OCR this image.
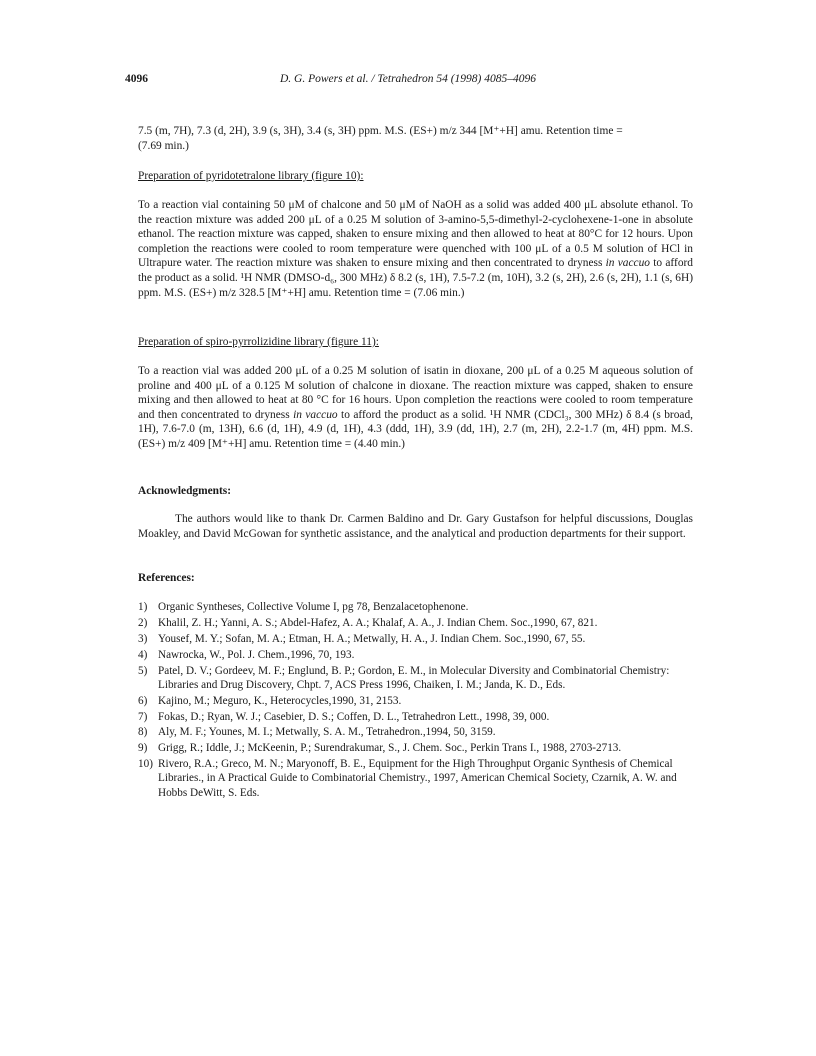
4096	D. G. Powers et al. / Tetrahedron 54 (1998) 4085–4096

7.5 (m, 7H), 7.3 (d, 2H), 3.9 (s, 3H), 3.4 (s, 3H) ppm. M.S. (ES+) m/z 344 [M⁺+H] amu. Retention time =

(7.69 min.)

Preparation of pyridotetralone library (figure 10):

To a reaction vial containing 50 μM of chalcone and 50 μM of NaOH as a solid was added 400 μL absolute ethanol. To the reaction mixture was added 200 μL of a 0.25 M solution of 3-amino-5,5-dimethyl-2-cyclohexene-1-one in absolute ethanol. The reaction mixture was capped, shaken to ensure mixing and then allowed to heat at 80°C for 12 hours. Upon completion the reactions were cooled to room temperature were quenched with 100 μL of a 0.5 M solution of HCl in Ultrapure water. The reaction mixture was shaken to ensure mixing and then concentrated to dryness in vaccuo to afford the product as a solid. ¹H NMR (DMSO-d₆, 300 MHz) δ 8.2 (s, 1H), 7.5-7.2 (m, 10H), 3.2 (s, 2H), 2.6 (s, 2H), 1.1 (s, 6H) ppm. M.S. (ES+) m/z 328.5 [M⁺+H] amu. Retention time = (7.06 min.)

Preparation of spiro-pyrrolizidine library (figure 11):

To a reaction vial was added 200 μL of a 0.25 M solution of isatin in dioxane, 200 μL of a 0.25 M aqueous solution of proline and 400 μL of a 0.125 M solution of chalcone in dioxane. The reaction mixture was capped, shaken to ensure mixing and then allowed to heat at 80 °C for 16 hours. Upon completion the reactions were cooled to room temperature and then concentrated to dryness in vaccuo to afford the product as a solid. ¹H NMR (CDCl₃, 300 MHz) δ 8.4 (s broad, 1H), 7.6-7.0 (m, 13H), 6.6 (d, 1H), 4.9 (d, 1H), 4.3 (ddd, 1H), 3.9 (dd, 1H), 2.7 (m, 2H), 2.2-1.7 (m, 4H) ppm. M.S. (ES+) m/z 409 [M⁺+H] amu. Retention time = (4.40 min.)

Acknowledgments:

The authors would like to thank Dr. Carmen Baldino and Dr. Gary Gustafson for helpful discussions, Douglas Moakley, and David McGowan for synthetic assistance, and the analytical and production departments for their support.

References:
1) Organic Syntheses, Collective Volume I, pg 78, Benzalacetophenone.
2) Khalil, Z. H.; Yanni, A. S.; Abdel-Hafez, A. A.; Khalaf, A. A., J. Indian Chem. Soc.,1990, 67, 821.
3) Yousef, M. Y.; Sofan, M. A.; Etman, H. A.; Metwally, H. A., J. Indian Chem. Soc.,1990, 67, 55.
4) Nawrocka, W., Pol. J. Chem.,1996, 70, 193.
5) Patel, D. V.; Gordeev, M. F.; Englund, B. P.; Gordon, E. M., in Molecular Diversity and Combinatorial Chemistry: Libraries and Drug Discovery, Chpt. 7, ACS Press 1996, Chaiken, I. M.; Janda, K. D., Eds.
6) Kajino, M.; Meguro, K., Heterocycles,1990, 31, 2153.
7) Fokas, D.; Ryan, W. J.; Casebier, D. S.; Coffen, D. L., Tetrahedron Lett., 1998, 39, 000.
8) Aly, M. F.; Younes, M. I.; Metwally, S. A. M., Tetrahedron.,1994, 50, 3159.
9) Grigg, R.; Iddle, J.; McKeenin, P.; Surendrakumar, S., J. Chem. Soc., Perkin Trans I., 1988, 2703-2713.
10) Rivero, R.A.; Greco, M. N.; Maryonoff, B. E., Equipment for the High Throughput Organic Synthesis of Chemical Libraries., in A Practical Guide to Combinatorial Chemistry., 1997, American Chemical Society, Czarnik, A. W. and Hobbs DeWitt, S. Eds.
